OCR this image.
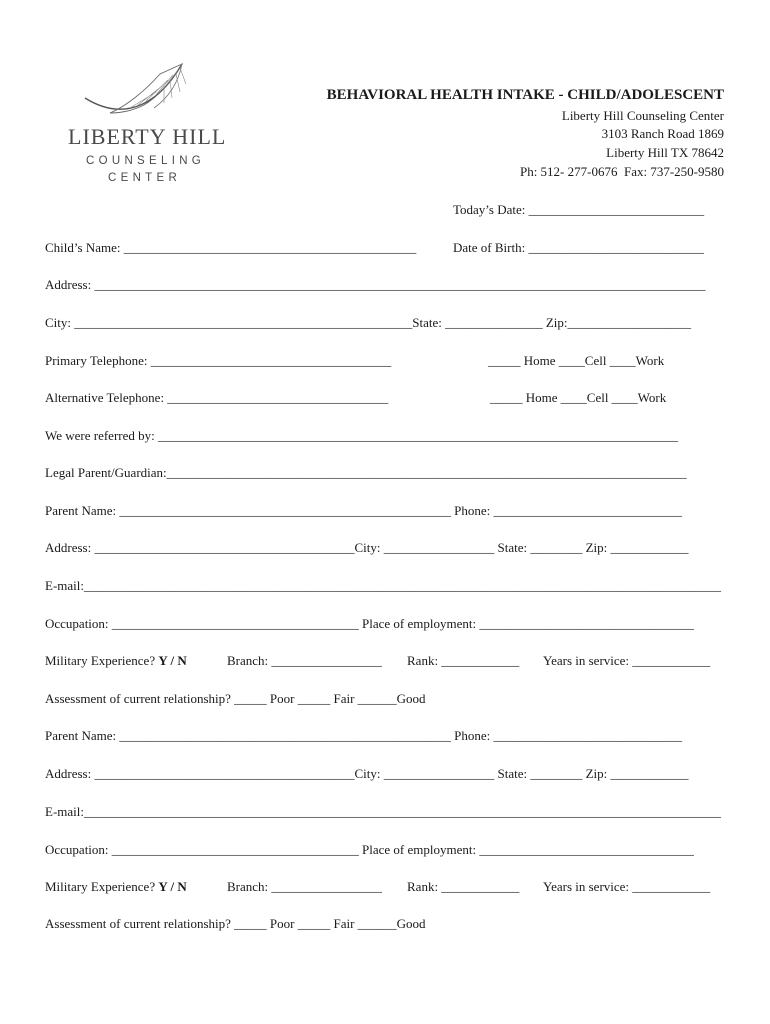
LIBERTY HILL
COUNSELING
CENTER
BEHAVIORAL HEALTH INTAKE - CHILD/ADOLESCENT
Liberty Hill Counseling Center
3103 Ranch Road 1869
Liberty Hill TX 78642
Ph: 512- 277-0676  Fax: 737-250-9580
Today’s Date: ___________________________
Child’s Name: _____________________________________________	Date of Birth: ___________________________
Address: ______________________________________________________________________________________________
City: ____________________________________________________State: _______________ Zip:___________________
Primary Telephone: _____________________________________	_____ Home ____Cell ____Work
Alternative Telephone: __________________________________	_____ Home ____Cell ____Work
We were referred by: ________________________________________________________________________________
Legal Parent/Guardian:________________________________________________________________________________
Parent Name: ___________________________________________________ Phone: _____________________________
Address: ________________________________________City: _________________ State: ________ Zip: ____________
E-mail:__________________________________________________________________________________________________
Occupation: ______________________________________ Place of employment: _________________________________
Military Experience? Y / N	Branch: _________________ Rank: ____________ Years in service: ____________
Assessment of current relationship? _____ Poor _____ Fair ______Good
Parent Name: ___________________________________________________ Phone: _____________________________
Address: ________________________________________City: _________________ State: ________ Zip: ____________
E-mail:__________________________________________________________________________________________________
Occupation: ______________________________________ Place of employment: _________________________________
Military Experience? Y / N	Branch: _________________ Rank: ____________ Years in service: ____________
Assessment of current relationship? _____ Poor _____ Fair ______Good
